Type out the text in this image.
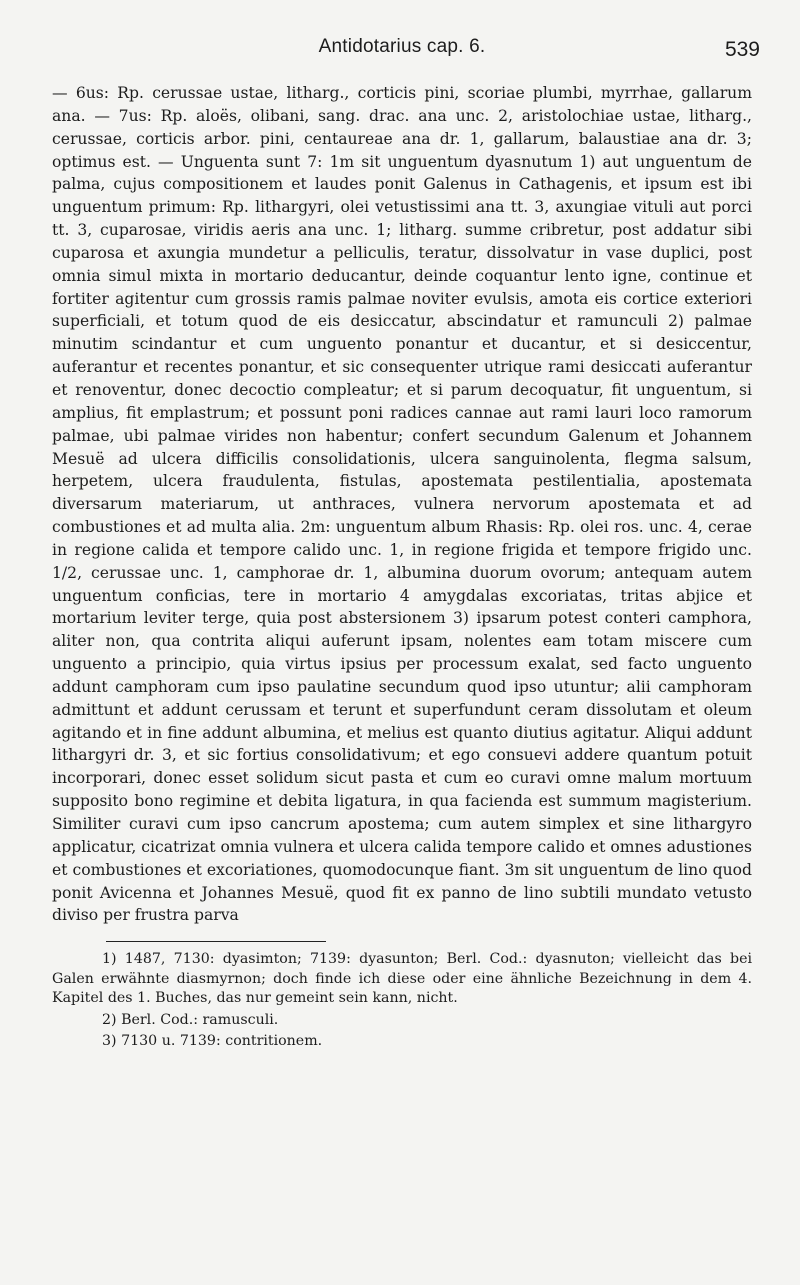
Antidotarius cap. 6.	539

— 6us: Rp. cerussae ustae, litharg., corticis pini, scoriae plumbi, myrrhae, gallarum ana. — 7us: Rp. aloës, olibani, sang. drac. ana unc. 2, aristolochiae ustae, litharg., cerussae, corticis arbor. pini, centaureae ana dr. 1, gallarum, balaustiae ana dr. 3; optimus est. — Unguenta sunt 7: 1m sit unguentum dyasnutum 1) aut unguentum de palma, cujus compositionem et laudes ponit Galenus in Cathagenis, et ipsum est ibi unguentum primum: Rp. lithargyri, olei vetustissimi ana tt. 3, axungiae vituli aut porci tt. 3, cuparosae, viridis aeris ana unc. 1; litharg. summe cribretur, post addatur sibi cuparosa et axungia mundetur a pelliculis, teratur, dissolvatur in vase duplici, post omnia simul mixta in mortario deducantur, deinde coquantur lento igne, continue et fortiter agitentur cum grossis ramis palmae noviter evulsis, amota eis cortice exteriori superficiali, et totum quod de eis desiccatur, abscindatur et ramunculi 2) palmae minutim scindantur et cum unguento ponantur et ducantur, et si desiccentur, auferantur et recentes ponantur, et sic consequenter utrique rami desiccati auferantur et renoventur, donec decoctio compleatur; et si parum decoquatur, fit unguentum, si amplius, fit emplastrum; et possunt poni radices cannae aut rami lauri loco ramorum palmae, ubi palmae virides non habentur; confert secundum Galenum et Johannem Mesuë ad ulcera difficilis consolidationis, ulcera sanguinolenta, flegma salsum, herpetem, ulcera fraudulenta, fistulas, apostemata pestilentialia, apostemata diversarum materiarum, ut anthraces, vulnera nervorum apostemata et ad combustiones et ad multa alia. 2m: unguentum album Rhasis: Rp. olei ros. unc. 4, cerae in regione calida et tempore calido unc. 1, in regione frigida et tempore frigido unc. 1/2, cerussae unc. 1, camphorae dr. 1, albumina duorum ovorum; antequam autem unguentum conficias, tere in mortario 4 amygdalas excoriatas, tritas abjice et mortarium leviter terge, quia post abstersionem 3) ipsarum potest conteri camphora, aliter non, qua contrita aliqui auferunt ipsam, nolentes eam totam miscere cum unguento a principio, quia virtus ipsius per processum exalat, sed facto unguento addunt camphoram cum ipso paulatine secundum quod ipso utuntur; alii camphoram admittunt et addunt cerussam et terunt et superfundunt ceram dissolutam et oleum agitando et in fine addunt albumina, et melius est quanto diutius agitatur. Aliqui addunt lithargyri dr. 3, et sic fortius consolidativum; et ego consuevi addere quantum potuit incorporari, donec esset solidum sicut pasta et cum eo curavi omne malum mortuum supposito bono regimine et debita ligatura, in qua facienda est summum magisterium. Similiter curavi cum ipso cancrum apostema; cum autem simplex et sine lithargyro applicatur, cicatrizat omnia vulnera et ulcera calida tempore calido et omnes adustiones et combustiones et excoriationes, quomodocunque fiant. 3m sit unguentum de lino quod ponit Avicenna et Johannes Mesuë, quod fit ex panno de lino subtili mundato vetusto diviso per frustra parva

1) 1487, 7130: dyasimton; 7139: dyasunton; Berl. Cod.: dyasnuton; vielleicht das bei Galen erwähnte diasmyrnon; doch finde ich diese oder eine ähnliche Bezeichnung in dem 4. Kapitel des 1. Buches, das nur gemeint sein kann, nicht.
2) Berl. Cod.: ramusculi.
3) 7130 u. 7139: contritionem.
